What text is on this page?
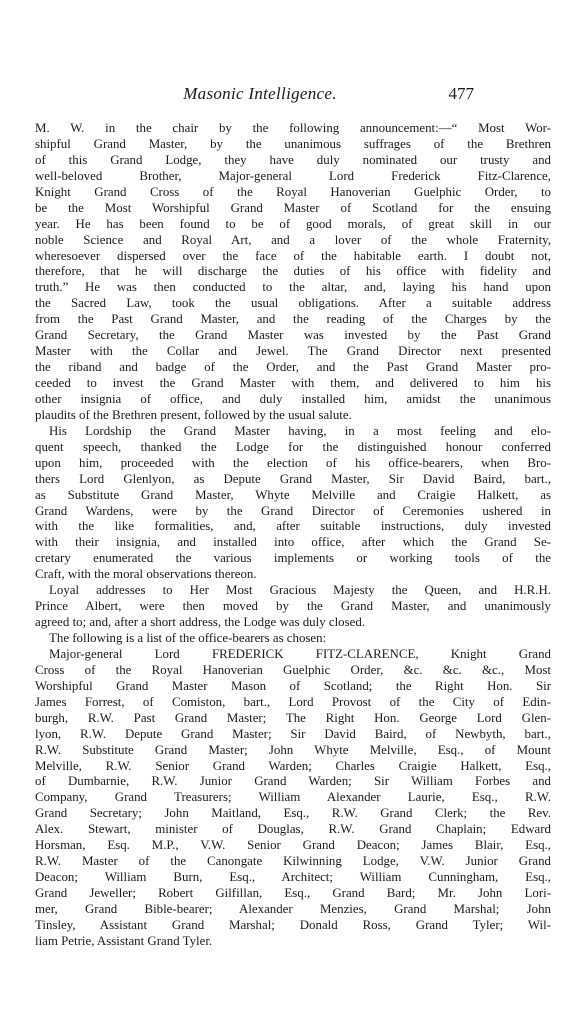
Masonic Intelligence.	477
M. W. in the chair by the following announcement:—“ Most Wor-
shipful Grand Master, by the unanimous suffrages of the Brethren
of this Grand Lodge, they have duly nominated our trusty and
well-beloved Brother, Major-general Lord Frederick Fitz-Clarence,
Knight Grand Cross of the Royal Hanoverian Guelphic Order, to
be the Most Worshipful Grand Master of Scotland for the ensuing
year. He has been found to be of good morals, of great skill in our
noble Science and Royal Art, and a lover of the whole Fraternity,
wheresoever dispersed over the face of the habitable earth. I doubt not,
therefore, that he will discharge the duties of his office with fidelity and
truth.” He was then conducted to the altar, and, laying his hand upon
the Sacred Law, took the usual obligations. After a suitable address
from the Past Grand Master, and the reading of the Charges by the
Grand Secretary, the Grand Master was invested by the Past Grand
Master with the Collar and Jewel. The Grand Director next presented
the riband and badge of the Order, and the Past Grand Master pro-
ceeded to invest the Grand Master with them, and delivered to him his
other insignia of office, and duly installed him, amidst the unanimous
plaudits of the Brethren present, followed by the usual salute.
His Lordship the Grand Master having, in a most feeling and elo-
quent speech, thanked the Lodge for the distinguished honour conferred
upon him, proceeded with the election of his office-bearers, when Bro-
thers Lord Glenlyon, as Depute Grand Master, Sir David Baird, bart.,
as Substitute Grand Master, Whyte Melville and Craigie Halkett, as
Grand Wardens, were by the Grand Director of Ceremonies ushered in
with the like formalities, and, after suitable instructions, duly invested
with their insignia, and installed into office, after which the Grand Se-
cretary enumerated the various implements or working tools of the
Craft, with the moral observations thereon.
Loyal addresses to Her Most Gracious Majesty the Queen, and H.R.H.
Prince Albert, were then moved by the Grand Master, and unanimously
agreed to; and, after a short address, the Lodge was duly closed.
The following is a list of the office-bearers as chosen:
Major-general Lord FREDERICK FITZ-CLARENCE, Knight Grand
Cross of the Royal Hanoverian Guelphic Order, &c. &c. &c., Most
Worshipful Grand Master Mason of Scotland; the Right Hon. Sir
James Forrest, of Comiston, bart., Lord Provost of the City of Edin-
burgh, R.W. Past Grand Master; The Right Hon. George Lord Glen-
lyon, R.W. Depute Grand Master; Sir David Baird, of Newbyth, bart.,
R.W. Substitute Grand Master; John Whyte Melville, Esq., of Mount
Melville, R.W. Senior Grand Warden; Charles Craigie Halkett, Esq.,
of Dumbarnie, R.W. Junior Grand Warden; Sir William Forbes and
Company, Grand Treasurers; William Alexander Laurie, Esq., R.W.
Grand Secretary; John Maitland, Esq., R.W. Grand Clerk; the Rev.
Alex. Stewart, minister of Douglas, R.W. Grand Chaplain; Edward
Horsman, Esq. M.P., V.W. Senior Grand Deacon; James Blair, Esq.,
R.W. Master of the Canongate Kilwinning Lodge, V.W. Junior Grand
Deacon; William Burn, Esq., Architect; William Cunningham, Esq.,
Grand Jeweller; Robert Gilfillan, Esq., Grand Bard; Mr. John Lori-
mer, Grand Bible-bearer; Alexander Menzies, Grand Marshal; John
Tinsley, Assistant Grand Marshal; Donald Ross, Grand Tyler; Wil-
liam Petrie, Assistant Grand Tyler.
